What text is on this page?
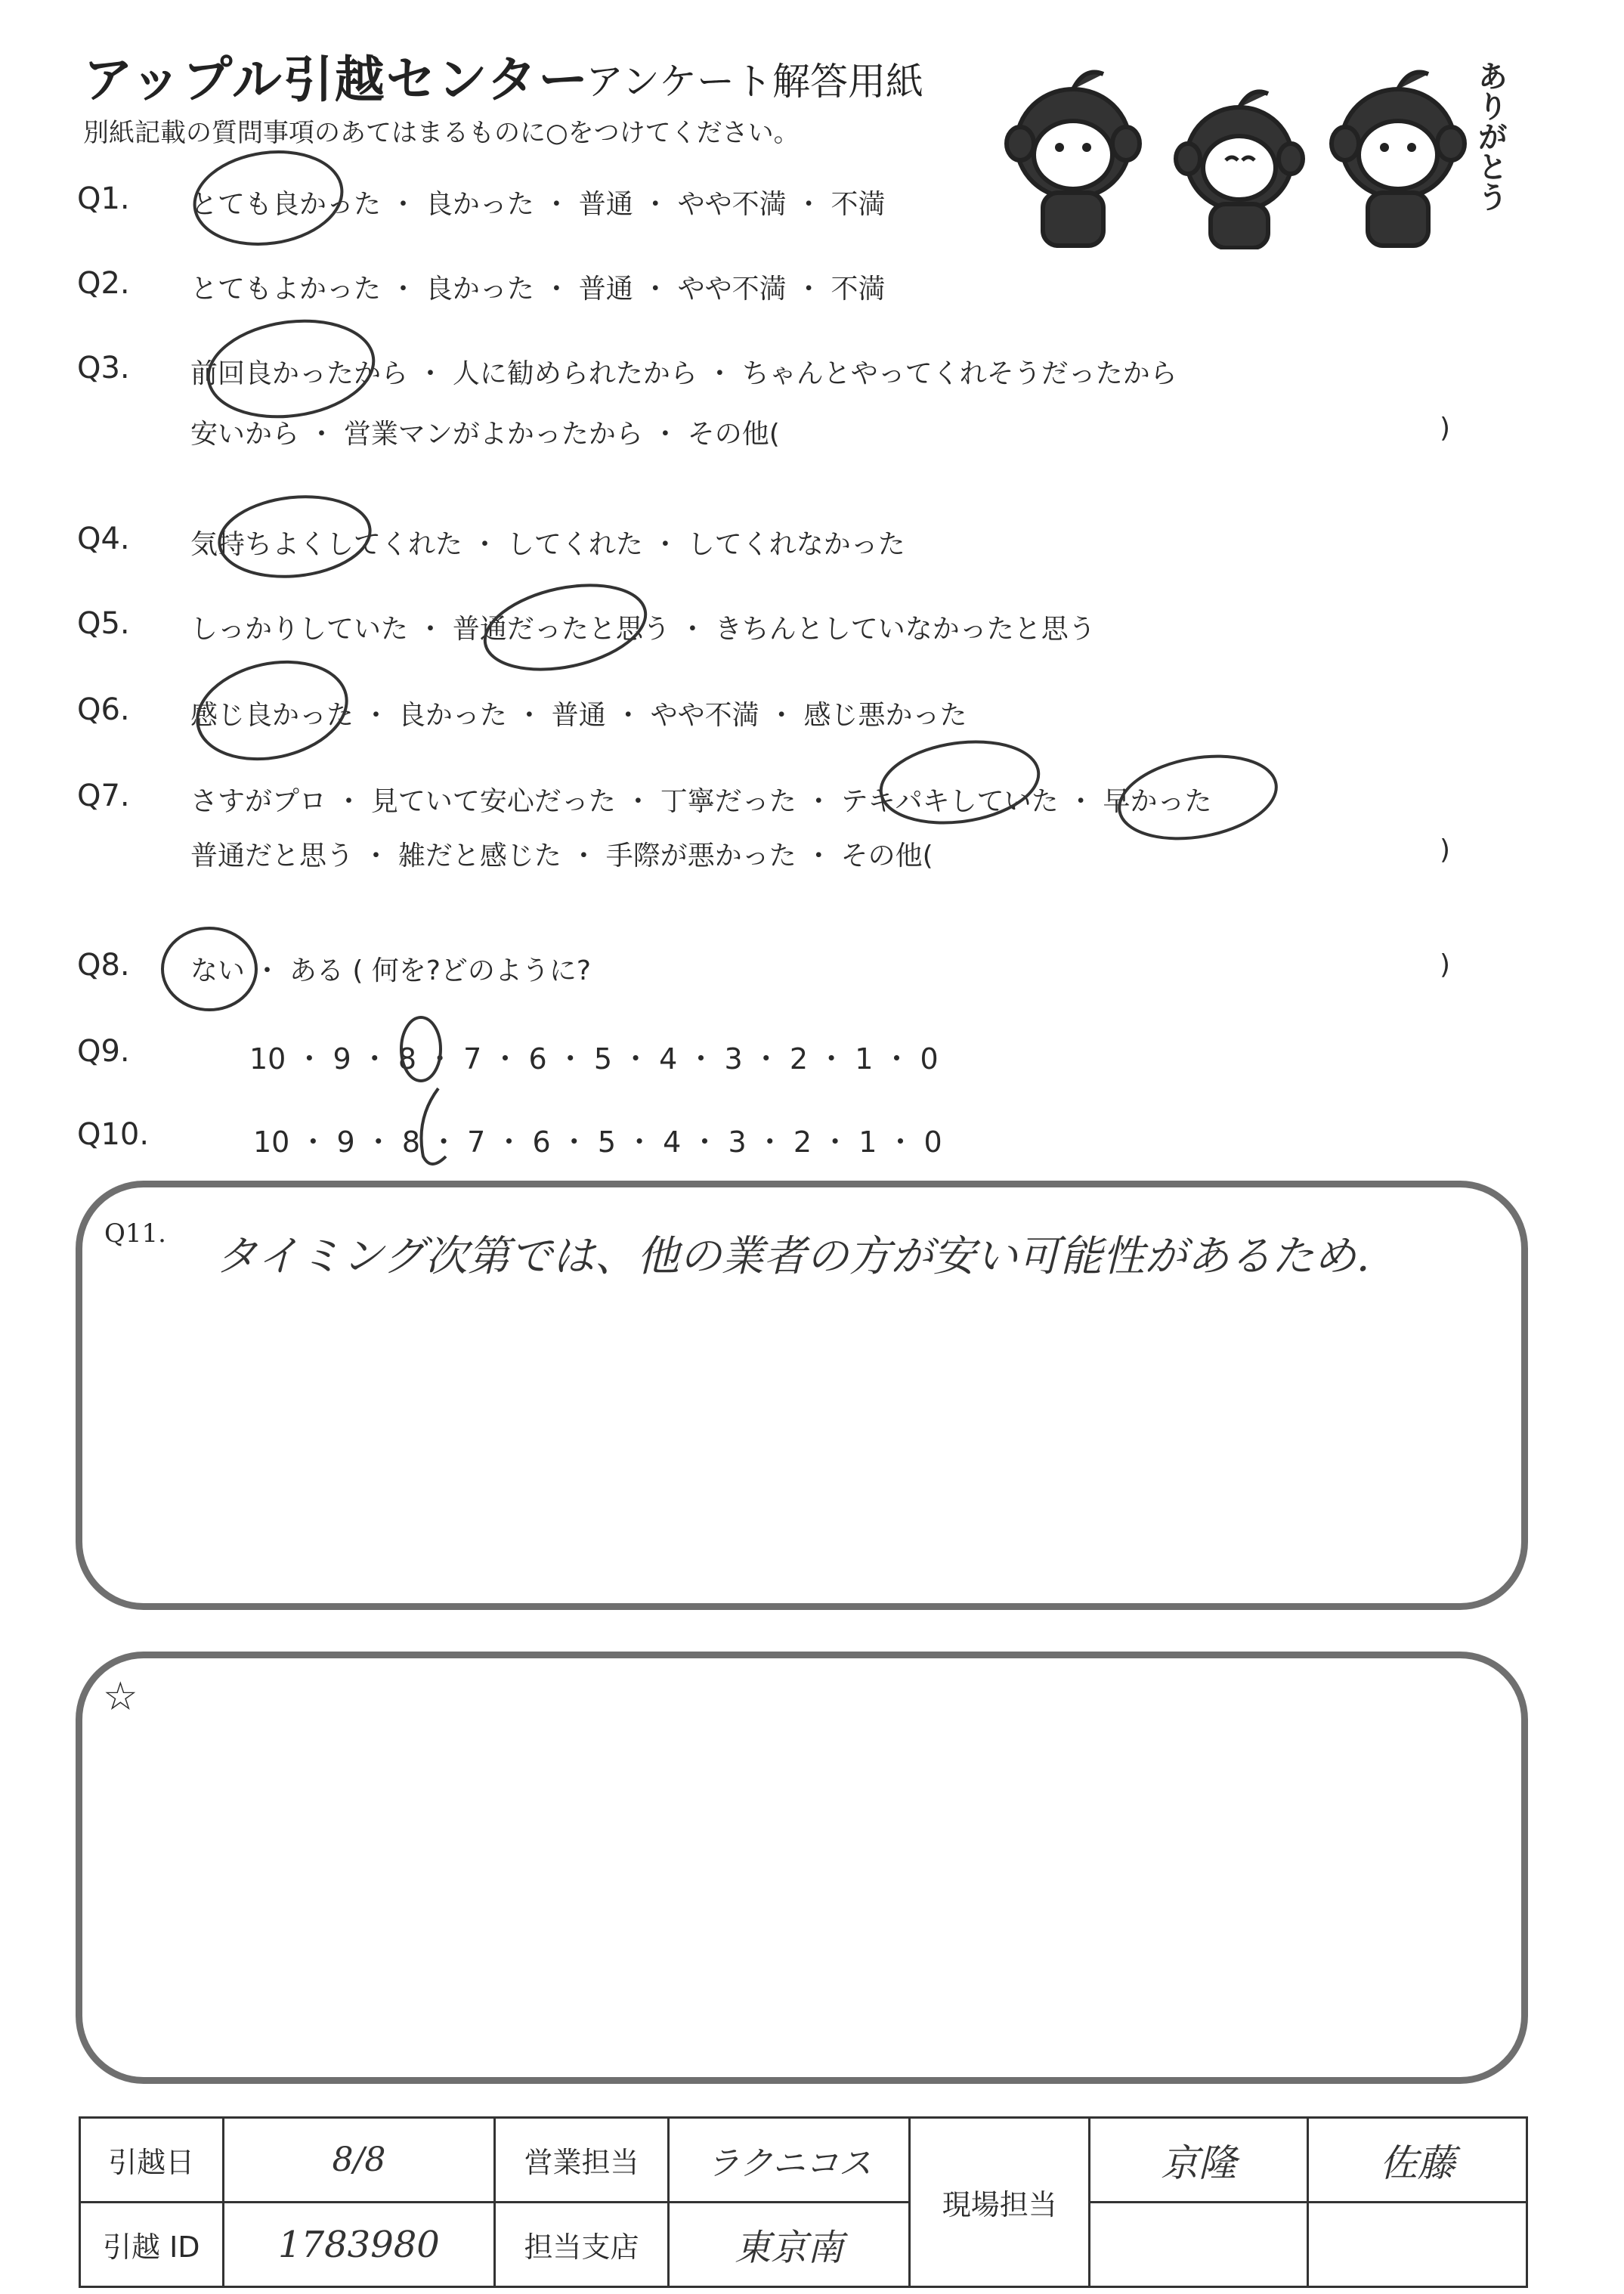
アップル引越センター
アンケート解答用紙
別紙記載の質問事項のあてはまるものに○をつけてください。	ありがとう
Q1. とても良かった ・ 良かった ・ 普通 ・ やや不満 ・ 不満
Q2. とてもよかった ・ 良かった ・ 普通 ・ やや不満 ・ 不満
Q3. 前回良かったから ・ 人に勧められたから ・ ちゃんとやってくれそうだったから
安いから ・ 営業マンがよかったから ・ その他(	)
Q4. 気持ちよくしてくれた ・ してくれた ・ してくれなかった
Q5. しっかりしていた ・ 普通だったと思う ・ きちんとしていなかったと思う
Q6. 感じ良かった ・ 良かった ・ 普通 ・ やや不満 ・ 感じ悪かった
Q7. さすがプロ ・ 見ていて安心だった ・ 丁寧だった ・ テキパキしていた ・ 早かった
普通だと思う ・ 雑だと感じた ・ 手際が悪かった ・ その他(	)
Q8. ない ・ ある ( 何を?どのように?	)
Q9.	10 ・ 9 ・ 8 ・ 7 ・ 6 ・ 5 ・ 4 ・ 3 ・ 2 ・ 1 ・ 0
Q10.	10 ・ 9 ・ 8 ・ 7 ・ 6 ・ 5 ・ 4 ・ 3 ・ 2 ・ 1 ・ 0
Q11. タイミング次第では、他の業者の方が安い可能性があるため.
☆
引越日	8/8	営業担当	ラクニコス	現場担当	京隆	佐藤
引越 ID	1783980	担当支店	東京南			
